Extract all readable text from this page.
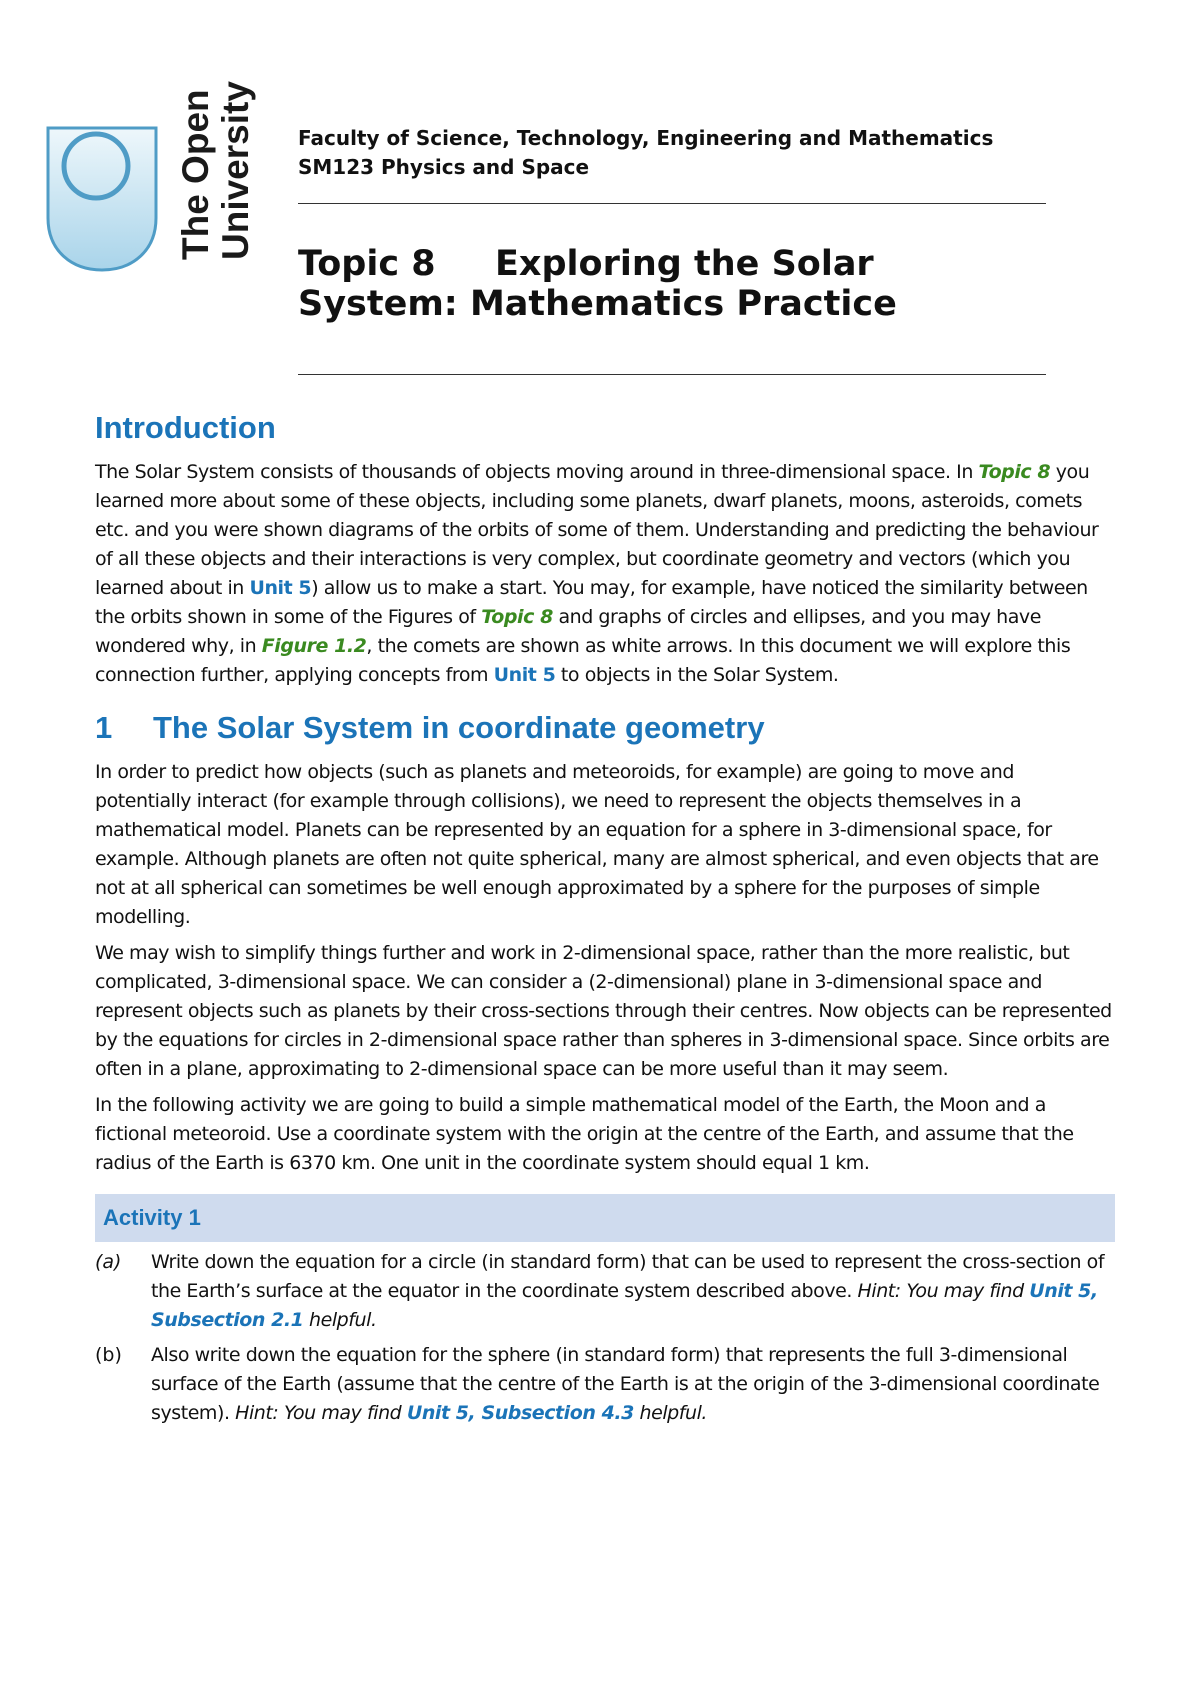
The Open University Faculty of Science, Technology, Engineering and Mathematics
SM123 Physics and Space
Topic 8 Exploring the Solar
System: Mathematics Practice
Introduction

The Solar System consists of thousands of objects moving around in three-dimensional space. In Topic 8 you learned more about some of these objects, including some planets, dwarf planets, moons, asteroids, comets etc. and you were shown diagrams of the orbits of some of them. Understanding and predicting the behaviour of all these objects and their interactions is very complex, but coordinate geometry and vectors (which you learned about in Unit 5) allow us to make a start. You may, for example, have noticed the similarity between the orbits shown in some of the Figures of Topic 8 and graphs of circles and ellipses, and you may have wondered why, in Figure 1.2, the comets are shown as white arrows. In this document we will explore this connection further, applying concepts from Unit 5 to objects in the Solar System.

1 The Solar System in coordinate geometry

In order to predict how objects (such as planets and meteoroids, for example) are going to move and potentially interact (for example through collisions), we need to represent the objects themselves in a mathematical model. Planets can be represented by an equation for a sphere in 3-dimensional space, for example. Although planets are often not quite spherical, many are almost spherical, and even objects that are not at all spherical can sometimes be well enough approximated by a sphere for the purposes of simple modelling.

We may wish to simplify things further and work in 2-dimensional space, rather than the more realistic, but complicated, 3-dimensional space. We can consider a (2-dimensional) plane in 3-dimensional space and represent objects such as planets by their cross-sections through their centres. Now objects can be represented by the equations for circles in 2-dimensional space rather than spheres in 3-dimensional space. Since orbits are often in a plane, approximating to 2-dimensional space can be more useful than it may seem.

In the following activity we are going to build a simple mathematical model of the Earth, the Moon and a fictional meteoroid. Use a coordinate system with the origin at the centre of the Earth, and assume that the radius of the Earth is 6370 km. One unit in the coordinate system should equal 1 km.

Activity 1
(a)	Write down the equation for a circle (in standard form) that can be used to represent the cross-section of the Earth’s surface at the equator in the coordinate system described above. Hint: You may find Unit 5, Subsection 2.1 helpful.

(b)	Also write down the equation for the sphere (in standard form) that represents the full 3-dimensional surface of the Earth (assume that the centre of the Earth is at the origin of the 3-dimensional coordinate system). Hint: You may find Unit 5, Subsection 4.3 helpful.
